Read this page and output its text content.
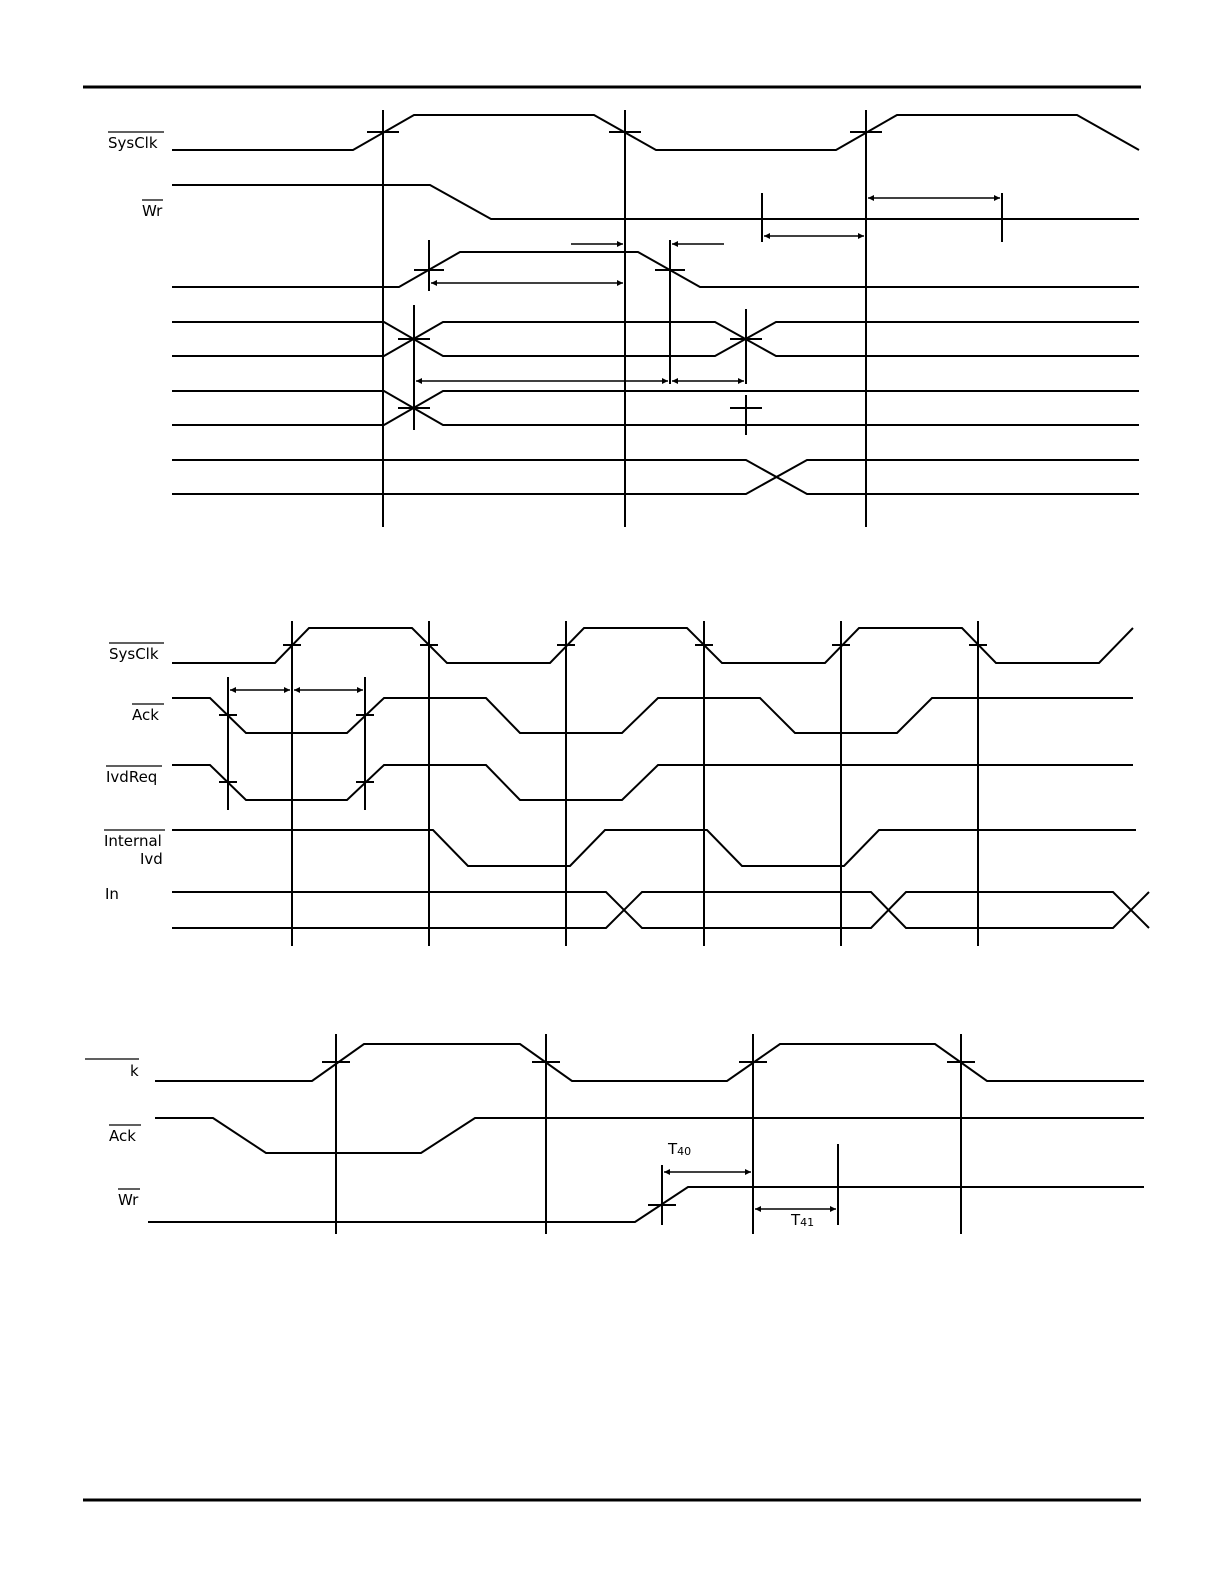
SysClk
Wr
SysClk
Ack
IvdReq
Internal
Ivd
In
k
Ack
Wr
T40
T41
